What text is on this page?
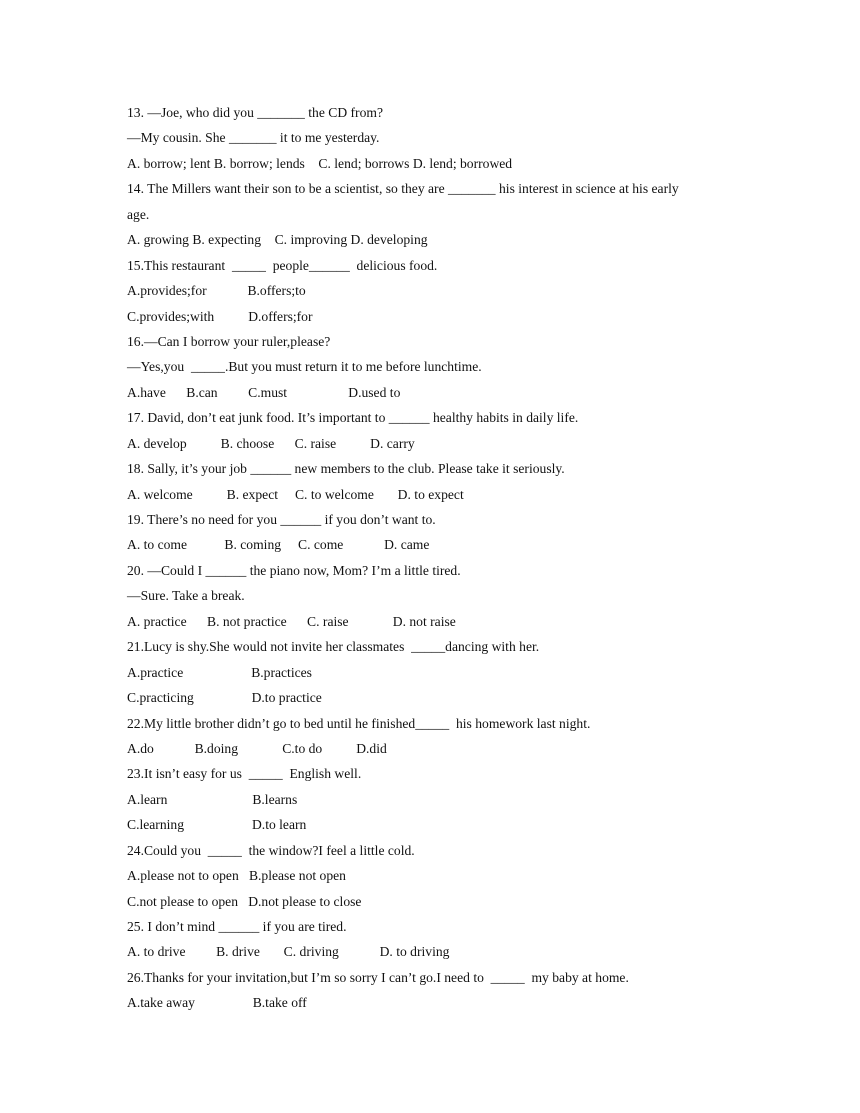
13. —Joe, who did you _______ the CD from?
—My cousin. She _______ it to me yesterday.
A. borrow; lent B. borrow; lends    C. lend; borrows D. lend; borrowed
14. The Millers want their son to be a scientist, so they are _______ his interest in science at his early
age.
A. growing B. expecting    C. improving D. developing
15.This restaurant  _____  people______  delicious food.
A.provides;for            B.offers;to
C.provides;with          D.offers;for
16.—Can I borrow your ruler,please?
—Yes,you  _____.But you must return it to me before lunchtime.
A.have      B.can         C.must                  D.used to
17. David, don’t eat junk food. It’s important to ______ healthy habits in daily life.
A. develop          B. choose      C. raise          D. carry
18. Sally, it’s your job ______ new members to the club. Please take it seriously.
A. welcome          B. expect     C. to welcome       D. to expect
19. There’s no need for you ______ if you don’t want to.
A. to come           B. coming     C. come            D. came
20. —Could I ______ the piano now, Mom? I’m a little tired.
—Sure. Take a break.
A. practice      B. not practice      C. raise             D. not raise
21.Lucy is shy.She would not invite her classmates  _____dancing with her.
A.practice                    B.practices
C.practicing                 D.to practice
22.My little brother didn’t go to bed until he finished_____  his homework last night.
A.do            B.doing             C.to do          D.did
23.It isn’t easy for us  _____  English well.
A.learn                         B.learns
C.learning                    D.to learn
24.Could you  _____  the window?I feel a little cold.
A.please not to open   B.please not open
C.not please to open   D.not please to close
25. I don’t mind ______ if you are tired.
A. to drive         B. drive       C. driving            D. to driving
26.Thanks for your invitation,but I’m so sorry I can’t go.I need to  _____  my baby at home.
A.take away                 B.take off
